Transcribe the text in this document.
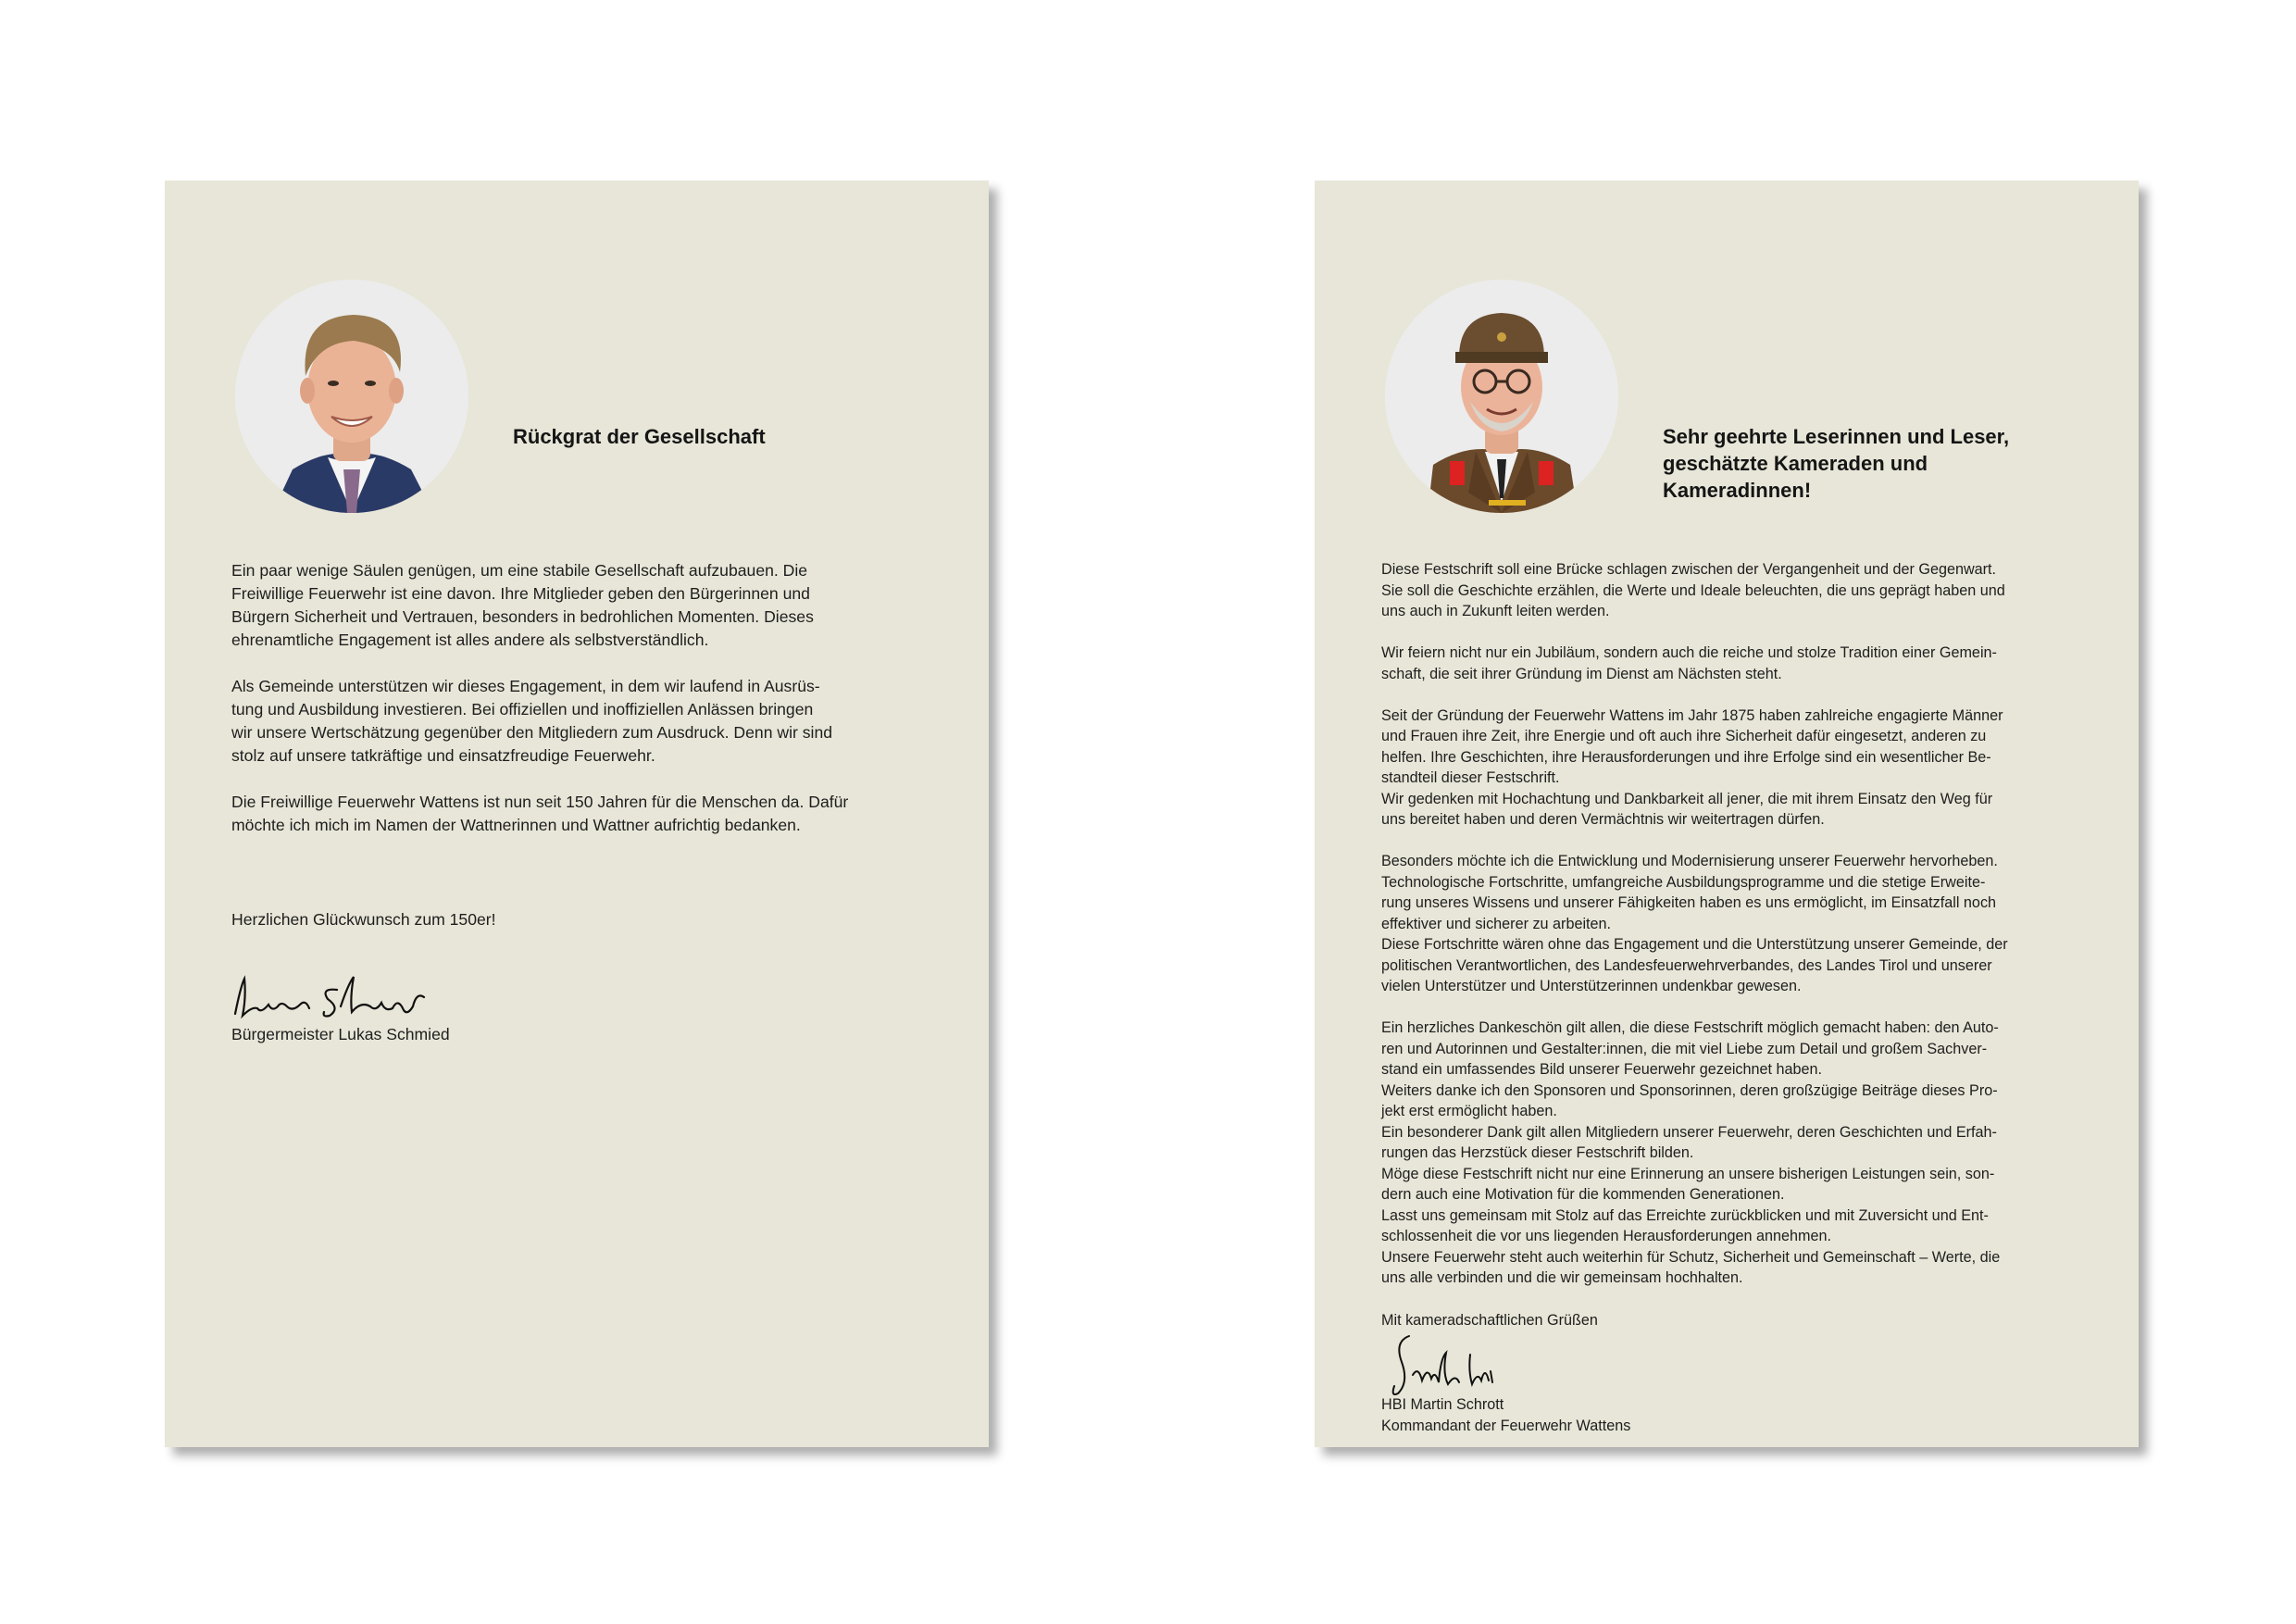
Rückgrat der Gesellschaft

Ein paar wenige Säulen genügen, um eine stabile Gesellschaft aufzubauen. Die
Freiwillige Feuerwehr ist eine davon. Ihre Mitglieder geben den Bürgerinnen und
Bürgern Sicherheit und Vertrauen, besonders in bedrohlichen Momenten. Dieses
ehrenamtliche Engagement ist alles andere als selbstverständlich.

Als Gemeinde unterstützen wir dieses Engagement, in dem wir laufend in Ausrüs-
tung und Ausbildung investieren. Bei offiziellen und inoffiziellen Anlässen bringen
wir unsere Wertschätzung gegenüber den Mitgliedern zum Ausdruck. Denn wir sind
stolz auf unsere tatkräftige und einsatzfreudige Feuerwehr.

Die Freiwillige Feuerwehr Wattens ist nun seit 150 Jahren für die Menschen da. Dafür
möchte ich mich im Namen der Wattnerinnen und Wattner aufrichtig bedanken.

Herzlichen Glückwunsch zum 150er!
Bürgermeister Lukas Schmied
Sehr geehrte Leserinnen und Leser,
geschätzte Kameraden und
Kameradinnen!

Diese Festschrift soll eine Brücke schlagen zwischen der Vergangenheit und der Gegenwart.
Sie soll die Geschichte erzählen, die Werte und Ideale beleuchten, die uns geprägt haben und
uns auch in Zukunft leiten werden.

Wir feiern nicht nur ein Jubiläum, sondern auch die reiche und stolze Tradition einer Gemein-
schaft, die seit ihrer Gründung im Dienst am Nächsten steht.

Seit der Gründung der Feuerwehr Wattens im Jahr 1875 haben zahlreiche engagierte Männer
und Frauen ihre Zeit, ihre Energie und oft auch ihre Sicherheit dafür eingesetzt, anderen zu
helfen. Ihre Geschichten, ihre Herausforderungen und ihre Erfolge sind ein wesentlicher Be-
standteil dieser Festschrift.
Wir gedenken mit Hochachtung und Dankbarkeit all jener, die mit ihrem Einsatz den Weg für
uns bereitet haben und deren Vermächtnis wir weitertragen dürfen.

Besonders möchte ich die Entwicklung und Modernisierung unserer Feuerwehr hervorheben.
Technologische Fortschritte, umfangreiche Ausbildungsprogramme und die stetige Erweite-
rung unseres Wissens und unserer Fähigkeiten haben es uns ermöglicht, im Einsatzfall noch
effektiver und sicherer zu arbeiten.
Diese Fortschritte wären ohne das Engagement und die Unterstützung unserer Gemeinde, der
politischen Verantwortlichen, des Landesfeuerwehrverbandes, des Landes Tirol und unserer
vielen Unterstützer und Unterstützerinnen undenkbar gewesen.

Ein herzliches Dankeschön gilt allen, die diese Festschrift möglich gemacht haben: den Auto-
ren und Autorinnen und Gestalter:innen, die mit viel Liebe zum Detail und großem Sachver-
stand ein umfassendes Bild unserer Feuerwehr gezeichnet haben.
Weiters danke ich den Sponsoren und Sponsorinnen, deren großzügige Beiträge dieses Pro-
jekt erst ermöglicht haben.
Ein besonderer Dank gilt allen Mitgliedern unserer Feuerwehr, deren Geschichten und Erfah-
rungen das Herzstück dieser Festschrift bilden.
Möge diese Festschrift nicht nur eine Erinnerung an unsere bisherigen Leistungen sein, son-
dern auch eine Motivation für die kommenden Generationen.
Lasst uns gemeinsam mit Stolz auf das Erreichte zurückblicken und mit Zuversicht und Ent-
schlossenheit die vor uns liegenden Herausforderungen annehmen.
Unsere Feuerwehr steht auch weiterhin für Schutz, Sicherheit und Gemeinschaft – Werte, die
uns alle verbinden und die wir gemeinsam hochhalten.

Mit kameradschaftlichen Grüßen
HBI Martin Schrott
Kommandant der Feuerwehr Wattens
